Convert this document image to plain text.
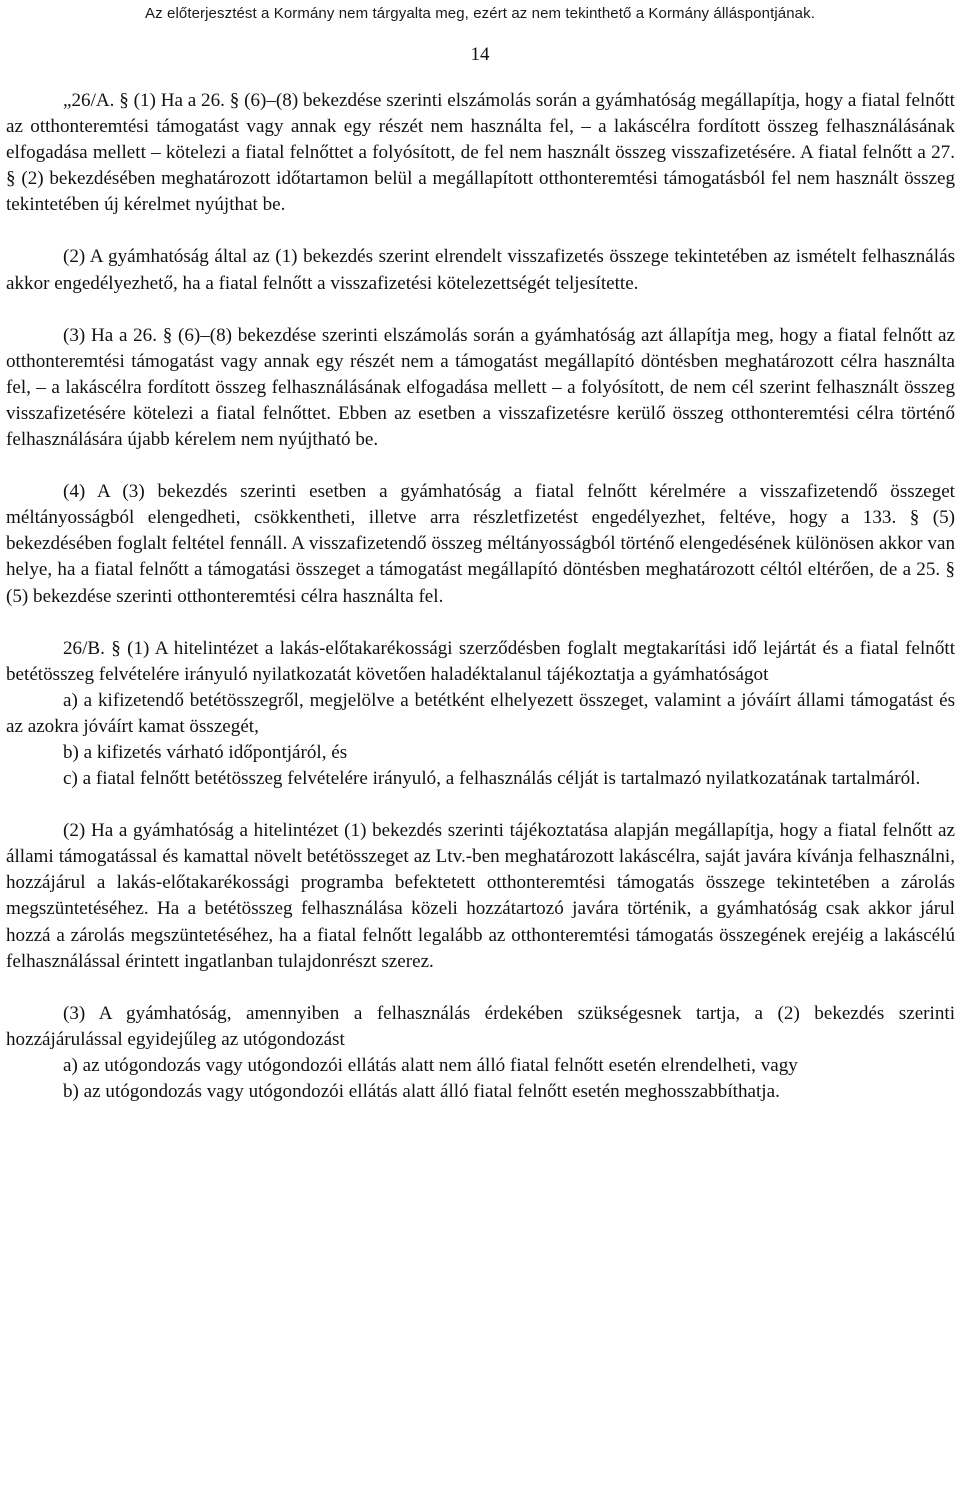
Az előterjesztést a Kormány nem tárgyalta meg, ezért az nem tekinthető a Kormány álláspontjának.
14

„26/A. § (1) Ha a 26. § (6)–(8) bekezdése szerinti elszámolás során a gyámhatóság megállapítja, hogy a fiatal felnőtt az otthonteremtési támogatást vagy annak egy részét nem használta fel, – a lakáscélra fordított összeg felhasználásának elfogadása mellett – kötelezi a fiatal felnőttet a folyósított, de fel nem használt összeg visszafizetésére. A fiatal felnőtt a 27. § (2) bekezdésében meghatározott időtartamon belül a megállapított otthonteremtési támogatásból fel nem használt összeg tekintetében új kérelmet nyújthat be.

(2) A gyámhatóság által az (1) bekezdés szerint elrendelt visszafizetés összege tekintetében az ismételt felhasználás akkor engedélyezhető, ha a fiatal felnőtt a visszafizetési kötelezettségét teljesítette.

(3) Ha a 26. § (6)–(8) bekezdése szerinti elszámolás során a gyámhatóság azt állapítja meg, hogy a fiatal felnőtt az otthonteremtési támogatást vagy annak egy részét nem a támogatást megállapító döntésben meghatározott célra használta fel, – a lakáscélra fordított összeg felhasználásának elfogadása mellett – a folyósított, de nem cél szerint felhasznált összeg visszafizetésére kötelezi a fiatal felnőttet. Ebben az esetben a visszafizetésre kerülő összeg otthonteremtési célra történő felhasználására újabb kérelem nem nyújtható be.

(4) A (3) bekezdés szerinti esetben a gyámhatóság a fiatal felnőtt kérelmére a visszafizetendő összeget méltányosságból elengedheti, csökkentheti, illetve arra részletfizetést engedélyezhet, feltéve, hogy a 133. § (5) bekezdésében foglalt feltétel fennáll. A visszafizetendő összeg méltányosságból történő elengedésének különösen akkor van helye, ha a fiatal felnőtt a támogatási összeget a támogatást megállapító döntésben meghatározott céltól eltérően, de a 25. § (5) bekezdése szerinti otthonteremtési célra használta fel.

26/B. § (1) A hitelintézet a lakás-előtakarékossági szerződésben foglalt megtakarítási idő lejártát és a fiatal felnőtt betétösszeg felvételére irányuló nyilatkozatát követően haladéktalanul tájékoztatja a gyámhatóságot

a) a kifizetendő betétösszegről, megjelölve a betétként elhelyezett összeget, valamint a jóváírt állami támogatást és az azokra jóváírt kamat összegét,

b) a kifizetés várható időpontjáról, és

c) a fiatal felnőtt betétösszeg felvételére irányuló, a felhasználás célját is tartalmazó nyilatkozatának tartalmáról.

(2) Ha a gyámhatóság a hitelintézet (1) bekezdés szerinti tájékoztatása alapján megállapítja, hogy a fiatal felnőtt az állami támogatással és kamattal növelt betétösszeget az Ltv.-ben meghatározott lakáscélra, saját javára kívánja felhasználni, hozzájárul a lakás-előtakarékossági programba befektetett otthonteremtési támogatás összege tekintetében a zárolás megszüntetéséhez. Ha a betétösszeg felhasználása közeli hozzátartozó javára történik, a gyámhatóság csak akkor járul hozzá a zárolás megszüntetéséhez, ha a fiatal felnőtt legalább az otthonteremtési támogatás összegének erejéig a lakáscélú felhasználással érintett ingatlanban tulajdonrészt szerez.

(3) A gyámhatóság, amennyiben a felhasználás érdekében szükségesnek tartja, a (2) bekezdés szerinti hozzájárulással egyidejűleg az utógondozást

a) az utógondozás vagy utógondozói ellátás alatt nem álló fiatal felnőtt esetén elrendelheti, vagy

b) az utógondozás vagy utógondozói ellátás alatt álló fiatal felnőtt esetén meghosszabbíthatja.
